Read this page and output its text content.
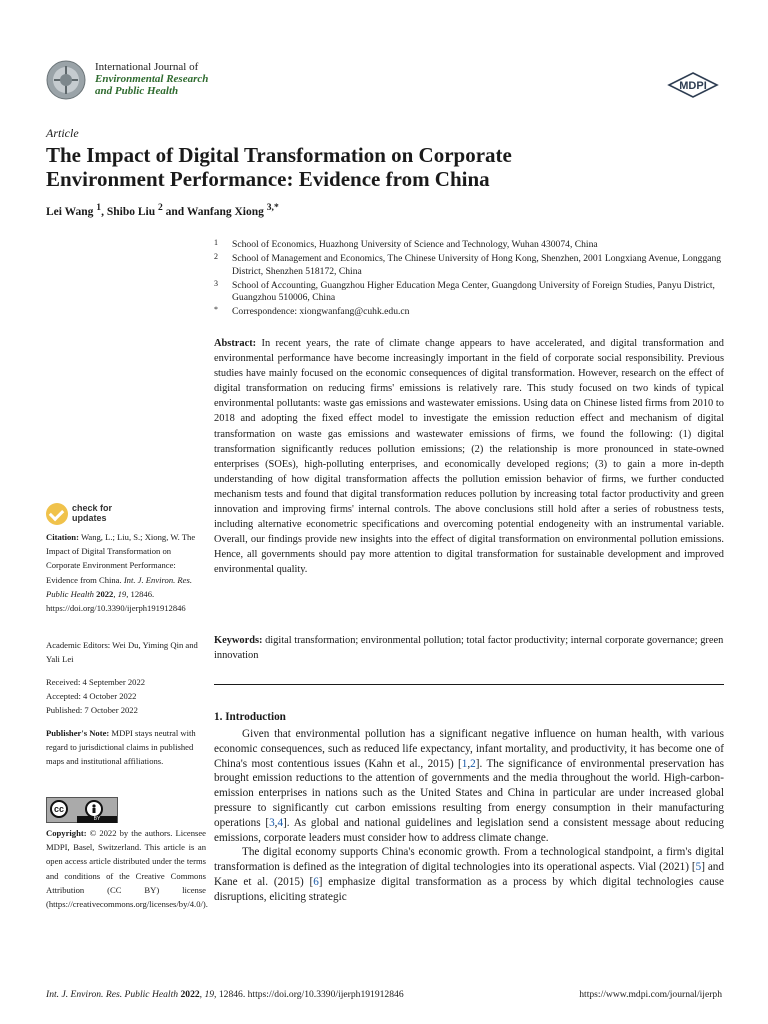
International Journal of
Environmental Research
and Public Health	MDPI
Article
The Impact of Digital Transformation on Corporate
Environment Performance: Evidence from China
Lei Wang $^1$, Shibo Liu $^2$ and Wanfang Xiong $^{3,*}$
1 School of Economics, Huazhong University of Science and Technology, Wuhan 430074, China
2 School of Management and Economics, The Chinese University of Hong Kong, Shenzhen, 2001 Longxiang Avenue, Longgang District, Shenzhen 518172, China
3 School of Accounting, Guangzhou Higher Education Mega Center, Guangdong University of Foreign Studies, Panyu District, Guangzhou 510006, China
* Correspondence: xiongwanfang@cuhk.edu.cn
Abstract: In recent years, the rate of climate change appears to have accelerated, and digital transformation and environmental performance have become increasingly important in the field of corporate social responsibility. Previous studies have mainly focused on the economic consequences of digital transformation. However, research on the effect of digital transformation on reducing firms' emissions is relatively rare. This study focused on two kinds of typical environmental pollutants: waste gas emissions and wastewater emissions. Using data on Chinese listed firms from 2010 to 2018 and adopting the fixed effect model to investigate the emission reduction effect and mechanism of digital transformation on waste gas emissions and wastewater emissions of firms, we found the following: (1) digital transformation significantly reduces pollution emissions; (2) the relationship is more pronounced in state-owned enterprises (SOEs), high-polluting enterprises, and economically developed regions; (3) to gain a more in-depth understanding of how digital transformation affects the pollution emission behavior of firms, we further conducted mechanism tests and found that digital transformation reduces pollution by increasing total factor productivity and green innovation and improving firms' internal controls. The above conclusions still hold after a series of robustness tests, including alternative econometric specifications and overcoming potential endogeneity with an instrumental variable. Overall, our findings provide new insights into the effect of digital transformation on environmental pollution emissions. Hence, all governments should pay more attention to digital transformation for sustainable development and improved environmental quality.
Keywords: digital transformation; environmental pollution; total factor productivity; internal corporate governance; green innovation
1. Introduction

Given that environmental pollution has a significant negative influence on human health, with various economic consequences, such as reduced life expectancy, infant mortality, and productivity, it has become one of China's most contentious issues (Kahn et al., 2015) [1,2]. The significance of environmental preservation has brought emission reductions to the attention of governments and the media throughout the world. High-carbon-emission enterprises in nations such as the United States and China in particular are under increased global pressure to significantly cut carbon emissions resulting from energy consumption in their manufacturing operations [3,4]. As global and national guidelines and legislation send a consistent message about reducing emissions, corporate leaders must consider how to address climate change.

The digital economy supports China's economic growth. From a technological standpoint, a firm's digital transformation is defined as the integration of digital technologies into its operational aspects. Vial (2021) [5] and Kane et al. (2015) [6] emphasize digital transformation as a process by which digital technologies cause disruptions, eliciting strategic

check for
updates
Citation: Wang, L.; Liu, S.; Xiong, W. The Impact of Digital Transformation on Corporate Environment Performance: Evidence from China. Int. J. Environ. Res. Public Health 2022, 19, 12846. https://doi.org/10.3390/ijerph191912846
Academic Editors: Wei Du, Yiming Qin and Yali Lei
Received: 4 September 2022
Accepted: 4 October 2022
Published: 7 October 2022
Publisher's Note: MDPI stays neutral with regard to jurisdictional claims in published maps and institutional affiliations.
cc
BY
Copyright: © 2022 by the authors. Licensee MDPI, Basel, Switzerland. This article is an open access article distributed under the terms and conditions of the Creative Commons Attribution (CC BY) license (https://creativecommons.org/licenses/by/4.0/).
Int. J. Environ. Res. Public Health 2022, 19, 12846. https://doi.org/10.3390/ijerph191912846	https://www.mdpi.com/journal/ijerph
